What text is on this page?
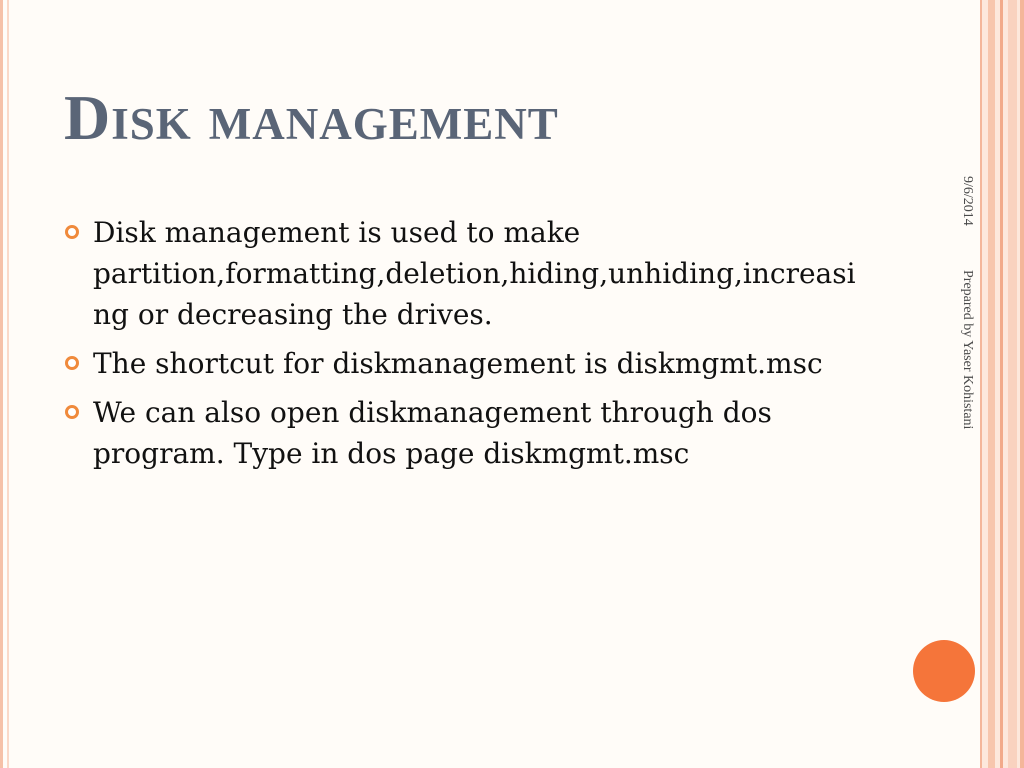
Disk management
Disk management is used to make partition,formatting,deletion,hiding,unhiding,increasing or decreasing the drives.
The shortcut for diskmanagement is diskmgmt.msc
We can also open diskmanagement through dos program. Type in dos page diskmgmt.msc
9/6/2014
Prepared by Yaser Kohistani
